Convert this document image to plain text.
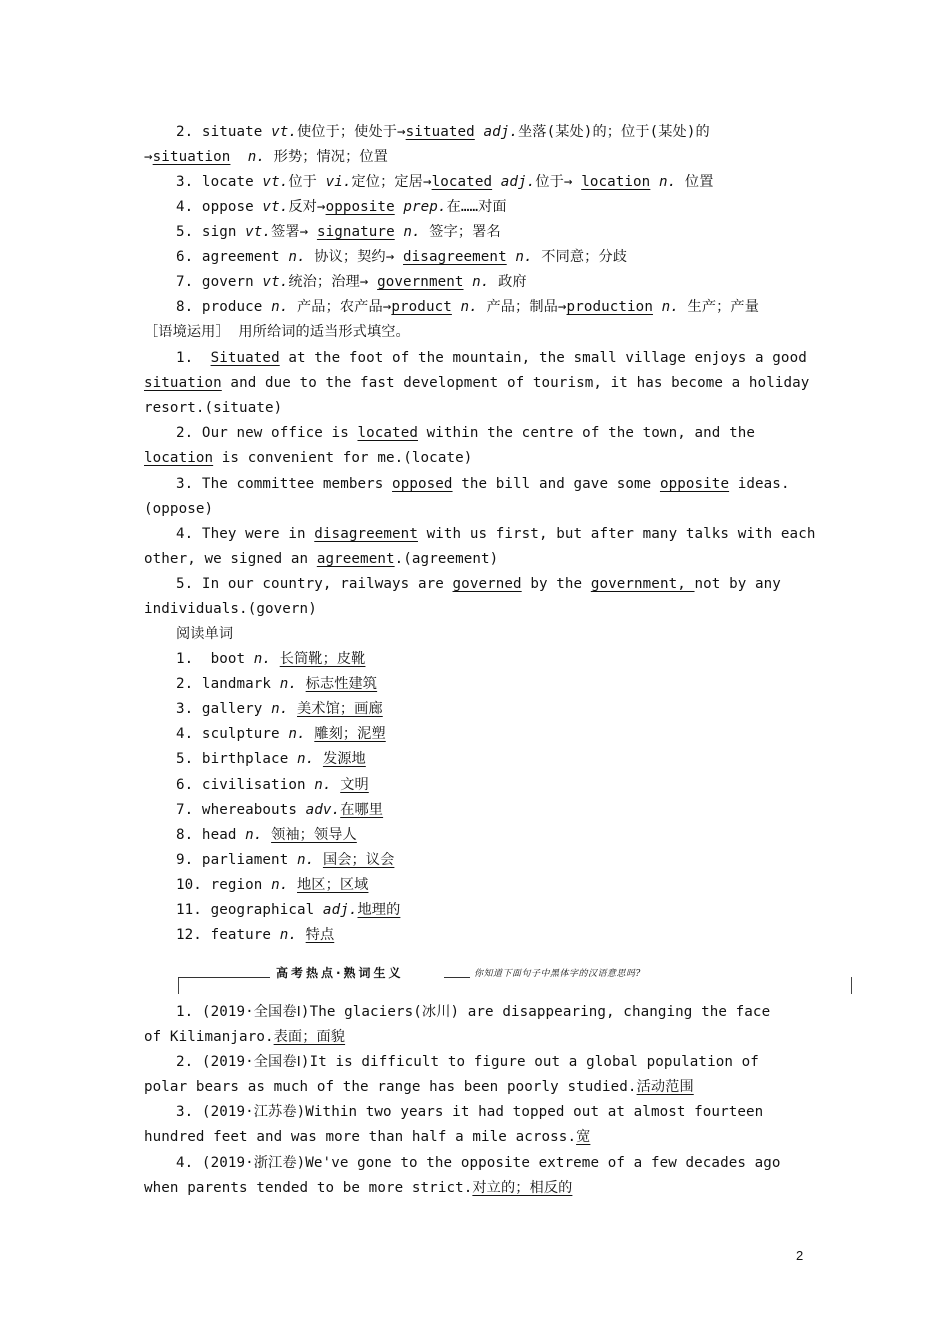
2. situate vt.使位于；使处于→situated adj.坐落(某处)的；位于(某处)的
→situation  n. 形势；情况；位置
3. locate vt.位于 vi.定位；定居→located adj.位于→ location n. 位置
4. oppose vt.反对→opposite prep.在……对面
5. sign vt.签署→ signature n. 签字；署名
6. agreement n. 协议；契约→ disagreement n. 不同意；分歧
7. govern vt.统治；治理→ government n. 政府
8. produce n. 产品；农产品→product n. 产品；制品→production n. 生产；产量
［语境运用］ 用所给词的适当形式填空。
1.  Situated at the foot of the mountain, the small village enjoys a good
situation and due to the fast development of tourism, it has become a holiday
resort.(situate)
2. Our new office is located within the centre of the town, and the
location is convenient for me.(locate)
3. The committee members opposed the bill and gave some opposite ideas.
(oppose)
4. They were in disagreement with us first, but after many talks with each
other, we signed an agreement.(agreement)
5. In our country, railways are governed by the government, not by any
individuals.(govern)
阅读单词
1.  boot n. 长筒靴；皮靴
2. landmark n. 标志性建筑
3. gallery n. 美术馆；画廊
4. sculpture n. 雕刻；泥塑
5. birthplace n. 发源地
6. civilisation n. 文明
7. whereabouts adv.在哪里
8. head n. 领袖；领导人
9. parliament n. 国会；议会
10. region n. 地区；区域
11. geographical adj.地理的
12. feature n. 特点
高考热点·熟词生义	你知道下面句子中黑体字的汉语意思吗?
1. (2019·全国卷Ⅰ)The glaciers(冰川) are disappearing, changing the face
of Kilimanjaro.表面；面貌
2. (2019·全国卷Ⅰ)It is difficult to figure out a global population of
polar bears as much of the range has been poorly studied.活动范围
3. (2019·江苏卷)Within two years it had topped out at almost fourteen
hundred feet and was more than half a mile across.宽
4. (2019·浙江卷)We've gone to the opposite extreme of a few decades ago
when parents tended to be more strict.对立的；相反的
2
